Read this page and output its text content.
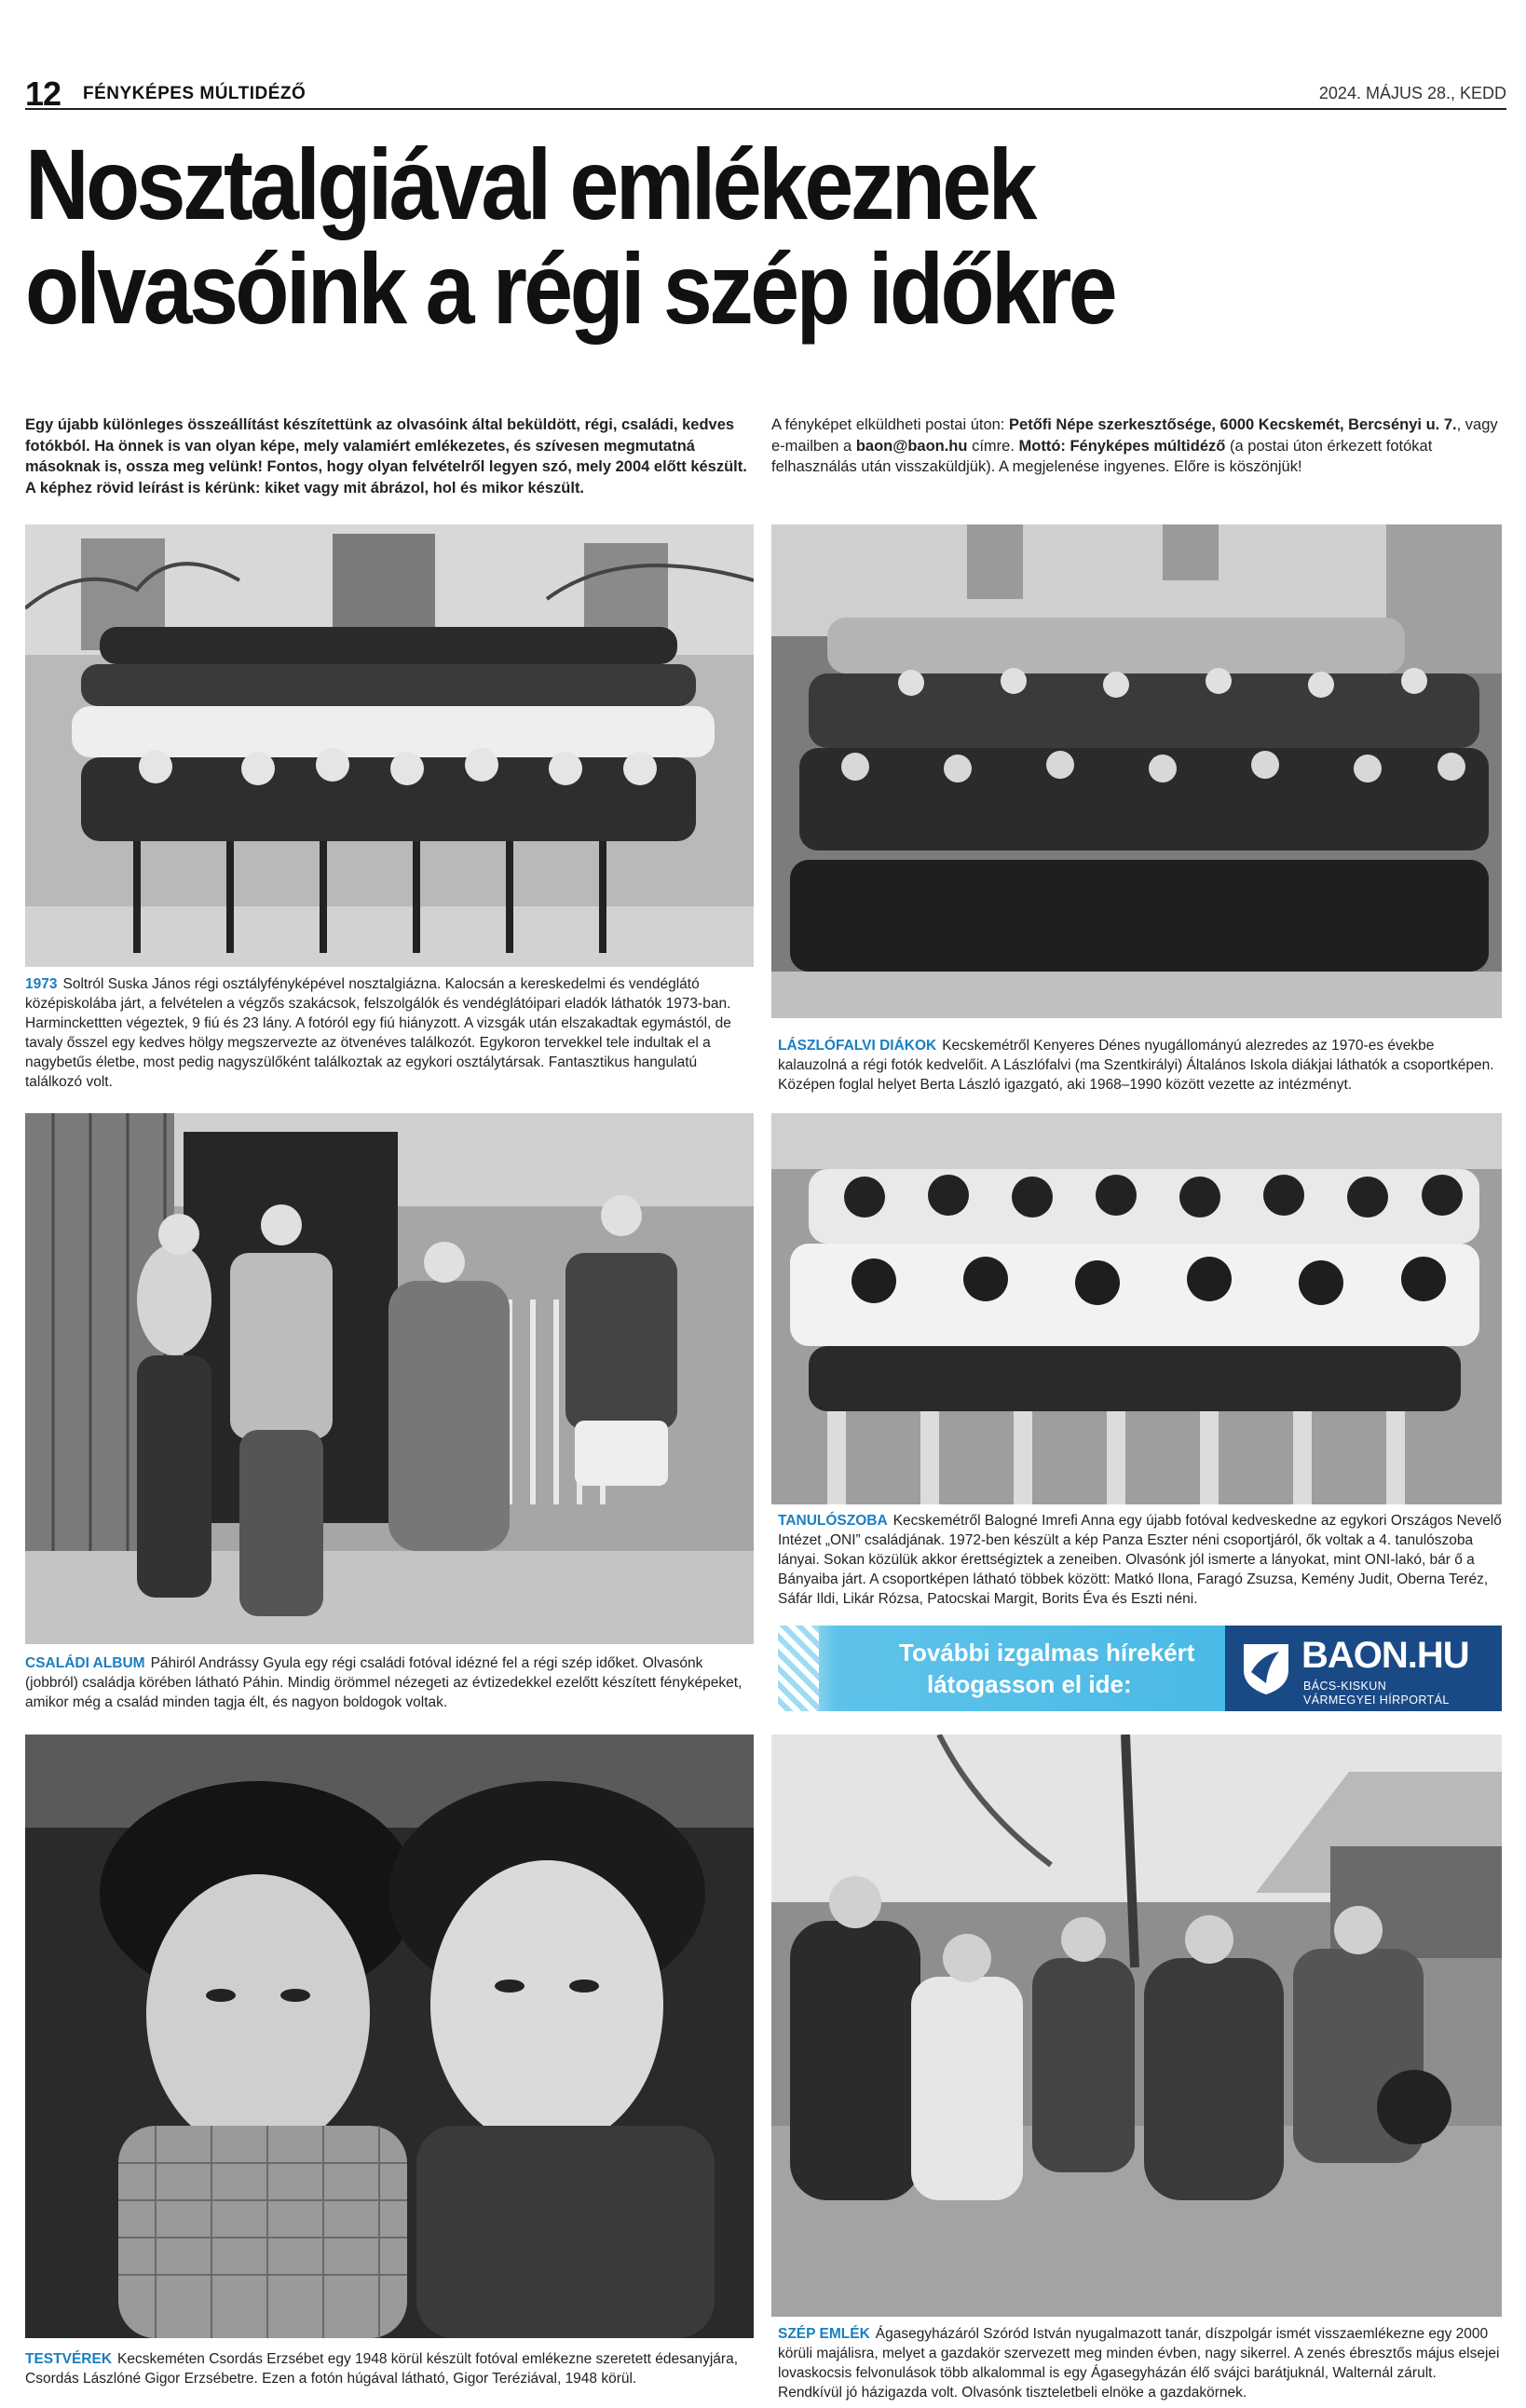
12 FÉNYKÉPES MÚLTIDÉZŐ	2024. MÁJUS 28., KEDD
Nosztalgiával emlékeznek
olvasóink a régi szép időkre

Egy újabb különleges összeállítást készítettünk az olvasóink által beküldött, régi, családi, kedves fotókból. Ha önnek is van olyan képe, mely valamiért emlékezetes, és szívesen megmutatná másoknak is, ossza meg velünk! Fontos, hogy olyan felvételről legyen szó, mely 2004 előtt készült. A képhez rövid leírást is kérünk: kiket vagy mit ábrázol, hol és mikor készült.

A fényképet elküldheti postai úton: Petőfi Népe szerkesztősége, 6000 Kecskemét, Bercsényi u. 7., vagy e-mailben a baon@baon.hu címre. Mottó: Fényképes múltidéző (a postai úton érkezett fotókat felhasználás után visszaküldjük). A megjelenése ingyenes. Előre is köszönjük!

1973 Soltról Suska János régi osztályfényképével nosztalgiázna. Kalocsán a kereskedelmi és vendéglátó középiskolába járt, a felvételen a végzős szakácsok, felszolgálók és vendéglátóipari eladók láthatók 1973-ban. Harminckettten végeztek, 9 fiú és 23 lány. A fotóról egy fiú hiányzott. A vizsgák után elszakadtak egymástól, de tavaly ősszel egy kedves hölgy megszervezte az ötvenéves találkozót. Egykoron tervekkel tele indultak el a nagybetűs életbe, most pedig nagyszülőként találkoztak az egykori osztálytársak. Fantasztikus hangulatú találkozó volt.

LÁSZLÓFALVI DIÁKOK Kecskemétről Kenyeres Dénes nyugállományú alezredes az 1970-es évekbe kalauzolná a régi fotók kedvelőit. A Lászlófalvi (ma Szentkirályi) Általános Iskola diákjai láthatók a csoportképen. Középen foglal helyet Berta László igazgató, aki 1968–1990 között vezette az intézményt.

CSALÁDI ALBUM Páhiról Andrássy Gyula egy régi családi fotóval idézné fel a régi szép időket. Olvasónk (jobbról) családja körében látható Páhin. Mindig örömmel nézegeti az évtizedekkel ezelőtt készített fényképeket, amikor még a család minden tagja élt, és nagyon boldogok voltak.

TANULÓSZOBA Kecskemétről Balogné Imrefi Anna egy újabb fotóval kedveskedne az egykori Országos Nevelő Intézet „ONI” családjának. 1972-ben készült a kép Panza Eszter néni csoportjáról, ők voltak a 4. tanulószoba lányai. Sokan közülük akkor érettségiztek a zeneiben. Olvasónk jól ismerte a lányokat, mint ONI-lakó, bár ő a Bányaiba járt. A csoportképen látható többek között: Matkó Ilona, Faragó Zsuzsa, Kemény Judit, Oberna Teréz, Sáfár Ildi, Likár Rózsa, Patocskai Margit, Borits Éva és Eszti néni.

További izgalmas hírekért
látogasson el ide:
BAON.HU
BÁCS-KISKUN
VÁRMEGYEI HÍRPORTÁL

TESTVÉREK Kecskeméten Csordás Erzsébet egy 1948 körül készült fotóval emlékezne szeretett édesanyjára, Csordás Lászlóné Gigor Erzsébetre. Ezen a fotón húgával látható, Gigor Teréziával, 1948 körül.

SZÉP EMLÉK Ágasegyházáról Szóród István nyugalmazott tanár, díszpolgár ismét visszaemlékezne egy 2000 körüli majálisra, melyet a gazdakör szervezett meg minden évben, nagy sikerrel. A zenés ébresztős május elsejei lovaskocsis felvonulások több alkalommal is egy Ágasegyházán élő svájci barátjuknál, Walternál zárult. Rendkívül jó házigazda volt. Olvasónk tiszteletbeli elnöke a gazdakörnek.
